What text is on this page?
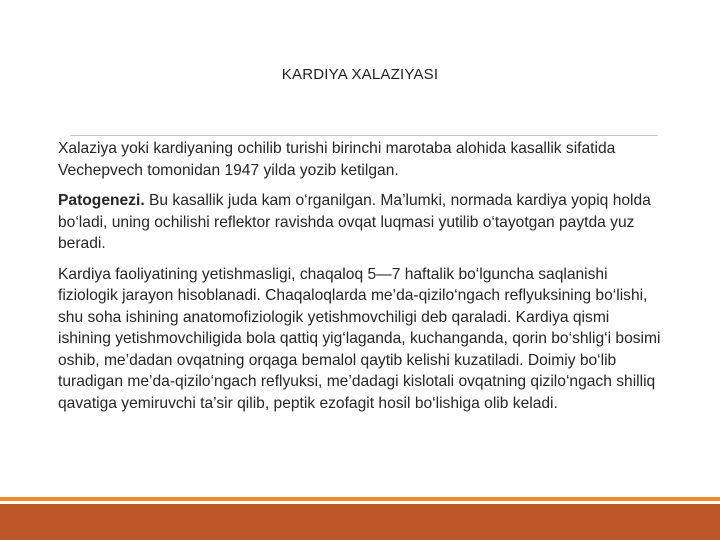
KARDIYA XALAZIYASI

Xalaziya yoki kardiyaning ochilib turishi birinchi marotaba alohida kasallik sifatida Vechepvech tomonidan 1947 yilda yozib ketilgan.

Patogenezi. Bu kasallik juda kam o‘rganilgan. Ma’lumki, normada kardiya yopiq holda bo‘ladi, uning ochilishi reflektor ravishda ovqat luqmasi yutilib o‘tayotgan paytda yuz beradi.

Kardiya faoliyatining yetishmasligi, chaqaloq 5—7 haftalik bo‘lguncha saqlanishi fiziologik jarayon hisoblanadi. Chaqaloqlarda me’da-qizilo‘ngach reflyuksining bo‘lishi, shu soha ishining anatomofiziologik yetishmovchiligi deb qaraladi. Kardiya qismi ishining yetishmovchiligida bola qattiq yig‘laganda, kuchanganda, qorin bo‘shlig‘i bosimi oshib, me’dadan ovqatning orqaga bemalol qaytib kelishi kuzatiladi. Doimiy bo‘lib turadigan me’da-qizilo‘ngach reflyuksi, me’dadagi kislotali ovqatning qizilo‘ngach shilliq qavatiga yemiruvchi ta’sir qilib, peptik ezofagit hosil bo‘lishiga olib keladi.
